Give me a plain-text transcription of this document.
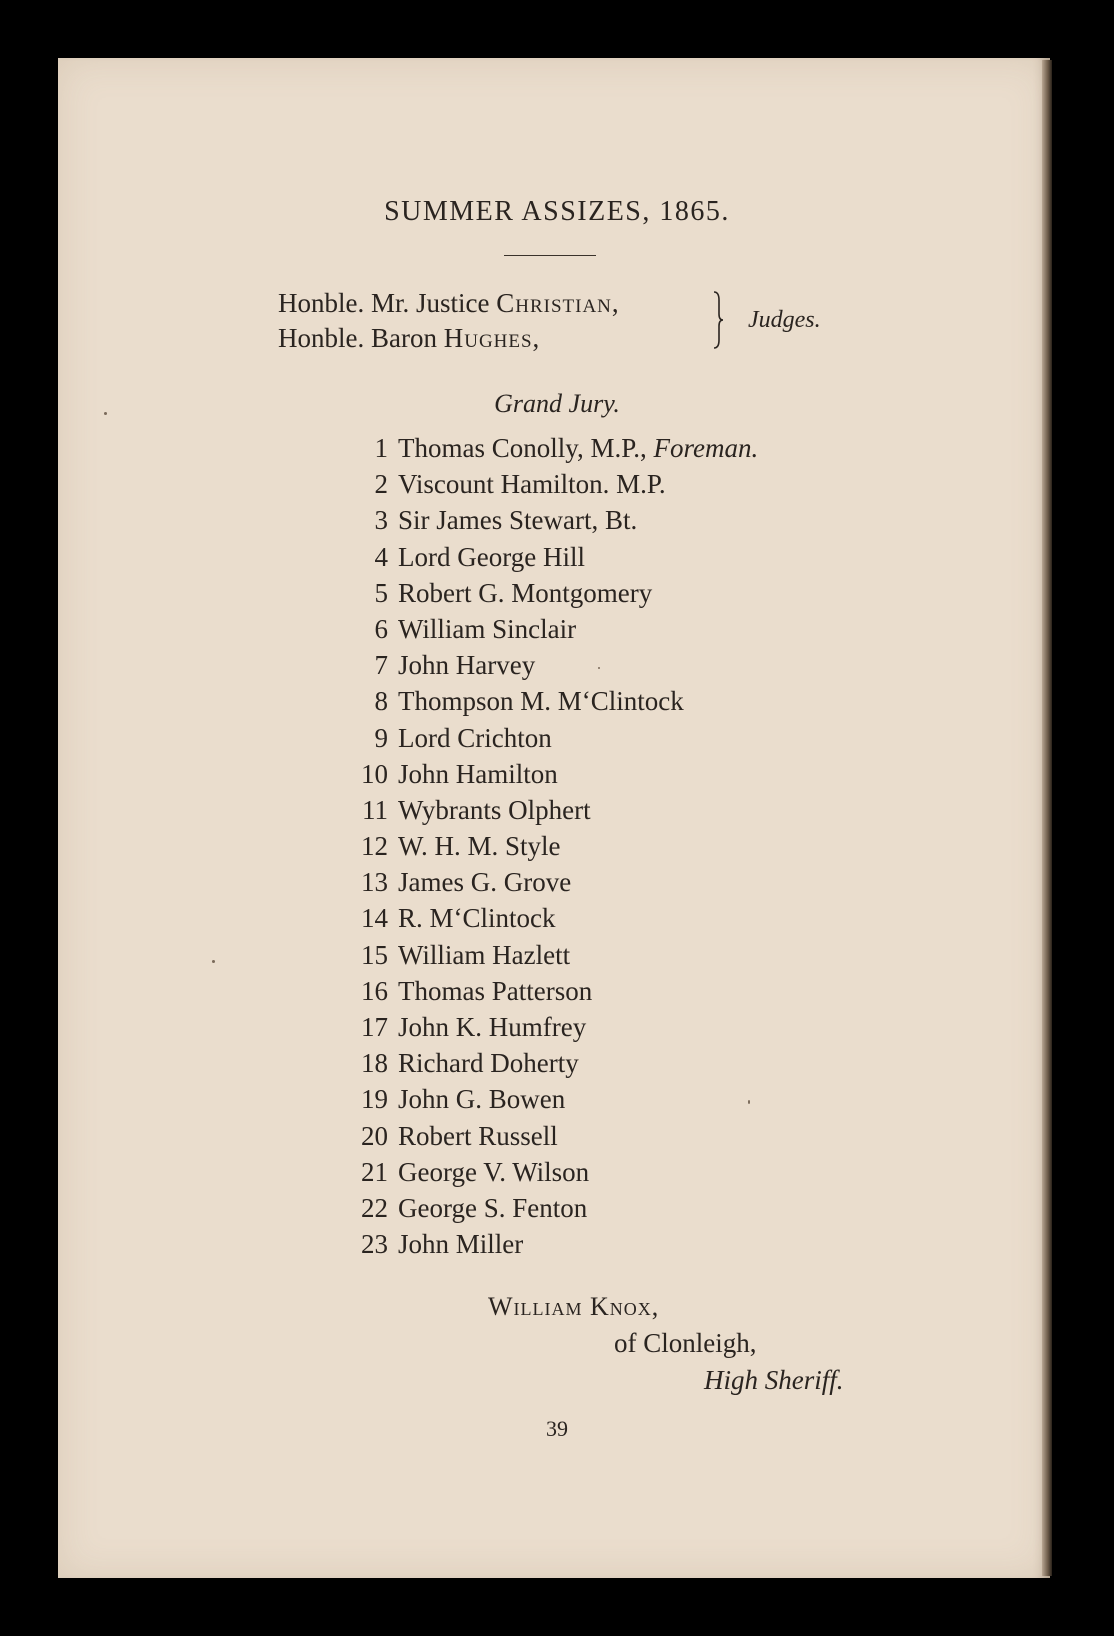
SUMMER ASSIZES, 1865.
Honble. Mr. Justice Christian,
Honble. Baron Hughes,
Judges.
Grand Jury.
1 Thomas Conolly, M.P., Foreman.
2 Viscount Hamilton. M.P.
3 Sir James Stewart, Bt.
4 Lord George Hill
5 Robert G. Montgomery
6 William Sinclair
7 John Harvey
8 Thompson M. M‘Clintock
9 Lord Crichton
10 John Hamilton
11 Wybrants Olphert
12 W. H. M. Style
13 James G. Grove
14 R. M‘Clintock
15 William Hazlett
16 Thomas Patterson
17 John K. Humfrey
18 Richard Doherty
19 John G. Bowen
20 Robert Russell
21 George V. Wilson
22 George S. Fenton
23 John Miller
William Knox,
of Clonleigh,
High Sheriff.
39
